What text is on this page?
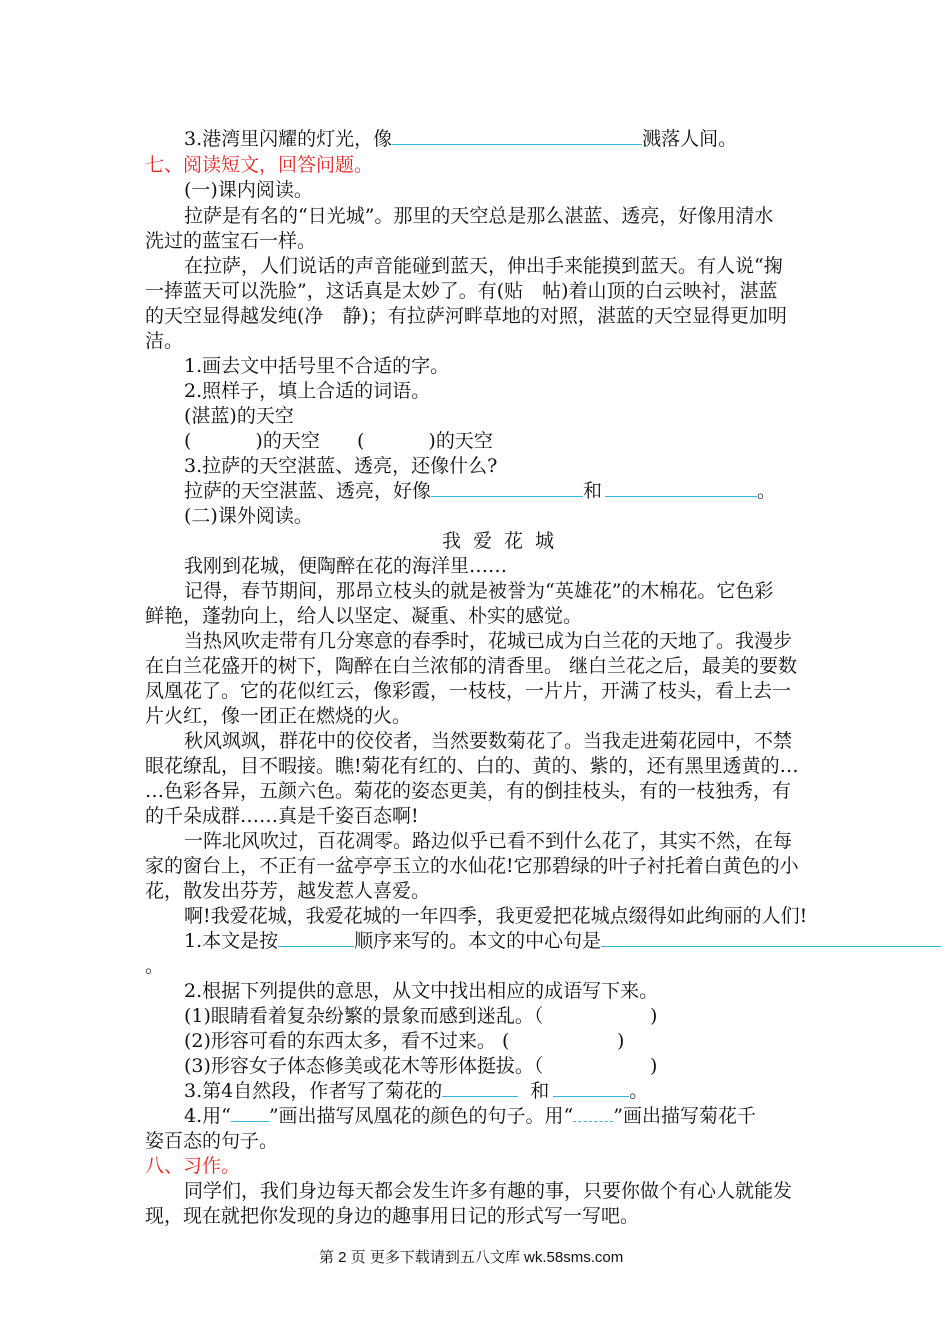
3.港湾里闪耀的灯光，像	溅落人间。
七、阅读短文，回答问题。
(一)课内阅读。
拉萨是有名的“日光城”。那里的天空总是那么湛蓝、透亮，好像用清水
洗过的蓝宝石一样。
在拉萨，人们说话的声音能碰到蓝天，伸出手来能摸到蓝天。有人说“掬
一捧蓝天可以洗脸”，这话真是太妙了。有(贴　帖)着山顶的白云映衬，湛蓝
的天空显得越发纯(净　静)；有拉萨河畔草地的对照，湛蓝的天空显得更加明
洁。
1.画去文中括号里不合适的字。
2.照样子，填上合适的词语。
(湛蓝)的天空
(	)的天空 (	)的天空
3.拉萨的天空湛蓝、透亮，还像什么?
拉萨的天空湛蓝、透亮，好像	和	。
(二)课外阅读。
我爱花城
我刚到花城，便陶醉在花的海洋里……
记得，春节期间，那昂立枝头的就是被誉为“英雄花”的木棉花。它色彩
鲜艳，蓬勃向上，给人以坚定、凝重、朴实的感觉。
当热风吹走带有几分寒意的春季时，花城已成为白兰花的天地了。我漫步
在白兰花盛开的树下，陶醉在白兰浓郁的清香里。 继白兰花之后，最美的要数
凤凰花了。它的花似红云，像彩霞，一枝枝，一片片，开满了枝头，看上去一
片火红，像一团正在燃烧的火。
秋风飒飒，群花中的佼佼者，当然要数菊花了。当我走进菊花园中，不禁
眼花缭乱，目不暇接。瞧!菊花有红的、白的、黄的、紫的，还有黑里透黄的…
…色彩各异，五颜六色。菊花的姿态更美，有的倒挂枝头，有的一枝独秀，有
的千朵成群……真是千姿百态啊!
一阵北风吹过，百花凋零。路边似乎已看不到什么花了，其实不然，在每
家的窗台上，不正有一盆亭亭玉立的水仙花!它那碧绿的叶子衬托着白黄色的小
花，散发出芬芳，越发惹人喜爱。
啊!我爱花城，我爱花城的一年四季，我更爱把花城点缀得如此绚丽的人们!
1.本文是按	顺序来写的。本文的中心句是
。
2.根据下列提供的意思，从文中找出相应的成语写下来。
(1)眼睛看着复杂纷繁的景象而感到迷乱。（	)
(2)形容可看的东西太多，看不过来。 (	)
(3)形容女子体态修美或花木等形体挺拔。（	)
3.第4自然段，作者写了菊花的	和	。
4.用“ ”画出描写凤凰花的颜色的句子。用“ ”画出描写菊花千
姿百态的句子。
八、习作。
同学们，我们身边每天都会发生许多有趣的事，只要你做个有心人就能发
现，现在就把你发现的身边的趣事用日记的形式写一写吧。
第 2 页 更多下载请到五八文库 wk.58sms.com
